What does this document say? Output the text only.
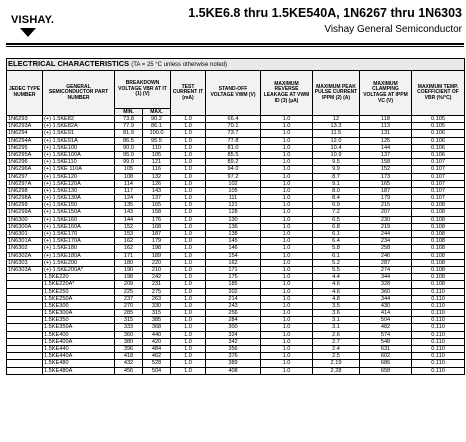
VISHAY.	1.5KE6.8 thru 1.5KE540A, 1N6267 thru 1N6303
Vishay General Semiconductor
ELECTRICAL CHARACTERISTICS (TA = 25 °C unless otherwise noted)									
JEDEC TYPE NUMBER	GENERAL SEMICONDUCTOR PART NUMBER	BREAKDOWN VOLTAGE VBR AT IT (1) (V)		TEST CURRENT IT (mA)	STAND-OFF VOLTAGE VWM (V)	MAXIMUM REVERSE LEAKAGE AT VWM ID (3) (µA)	MAXIMUM PEAK PULSE CURRENT IPPM (2) (A)	MAXIMUM CLAMPING VOLTAGE AT IPPM VC (V)	MAXIMUM TEMP. COEFFICIENT OF VBR (%/°C)
		MIN.	MAX.						
1N6293	(+) 1.5KE82	73.8	90.2	1.0	66.4	1.0	12	118	0.105
1N6293A	(+) 1.5KE82A	77.9	86.1	1.0	70.1	1.0	13.3	113	0.105
1N6294	(+) 1.5KE91	81.9	100.0	1.0	73.7	1.0	11.5	131	0.106
1N6294A	(+) 1.5KE91A	86.5	95.5	1.0	77.8	1.0	12.0	125	0.106
1N6295	(+) 1.5KE100	90.0	110	1.0	81.0	1.0	10.4	144	0.106
1N6295A	(+) 1.5KE100A	95.0	105	1.0	85.5	1.0	10.9	137	0.106
1N6296	(+) 1.5KE110	99.0	121	1.0	89.2	1.0	9.5	158	0.107
1N6296A	(+) 1.5KE 110A	105	116	1.0	94.0	1.0	9.9	152	0.107
1N6297	(+) 1.5KE120	108	132	1.0	97.2	1.0	8.7	173	0.107
1N6297A	(+) 1.5KE120A	114	126	1.0	102	1.0	9.1	165	0.107
1N6298	(+) 1.5KE130	117	143	1.0	105	1.0	8.0	187	0.107
1N6298A	(+) 1.5KE130A	124	137	1.0	111	1.0	8.4	179	0.107
1N6299	(+) 1.5KE150	135	165	1.0	121	1.0	6.9	215	0.108
1N6299A	(+) 1.5KE150A	143	158	1.0	128	1.0	7.2	207	0.108
1N6300	(+) 1.5KE160	144	176	1.0	130	1.0	6.5	230	0.108
1N6300A	(+) 1.5KE160A	152	168	1.0	136	1.0	6.8	219	0.108
1N6301	(+) 1.5KE170	153	187	1.0	138	1.0	6.1	244	0.108
1N6301A	(+) 1.5KE170A	162	179	1.0	145	1.0	6.4	234	0.108
1N6302	(+) 1.5KE180	162	198	1.0	146	1.0	5.8	258	0.108
1N6302A	(+) 1.5KE180A	171	189	1.0	154	1.0	6.1	246	0.108
1N6303	(+) 1.5KE200	180	220	1.0	162	1.0	5.2	287	0.108
1N6303A	(+) 1.5KE200A*	190	210	1.0	171	1.0	5.5	274	0.108
	1.5KE220	198	242	1.0	175	1.0	4.4	344	0.108
	1.5KE220A*	209	231	1.0	185	1.0	4.6	328	0.108
	1.5KE250	225	275	1.0	202	1.0	4.6	360	0.110
	1.5KE250A	237	263	1.0	214	1.0	4.8	344	0.110
	1.5KE300	270	330	1.0	243	1.0	3.5	430	0.110
	1.5KE300A	285	315	1.0	256	1.0	3.6	414	0.110
	1.5KE350	315	385	1.0	284	1.0	3.1	504	0.110
	1.5KE350A	333	368	1.0	300	1.0	3.1	482	0.110
	1.5KE400	360	440	1.0	324	1.0	2.6	574	0.110
	1.5KE400A	380	420	1.0	342	1.0	2.7	548	0.110
	1.5KE440	396	484	1.0	356	1.0	2.4	631	0.110
	1.5KE440A	418	462	1.0	376	1.0	2.5	602	0.110
	1.5KE480	432	528	1.0	389	1.0	2.19	686	0.110
	1.5KE480A	456	504	1.0	408	1.0	2.28	658	0.110
